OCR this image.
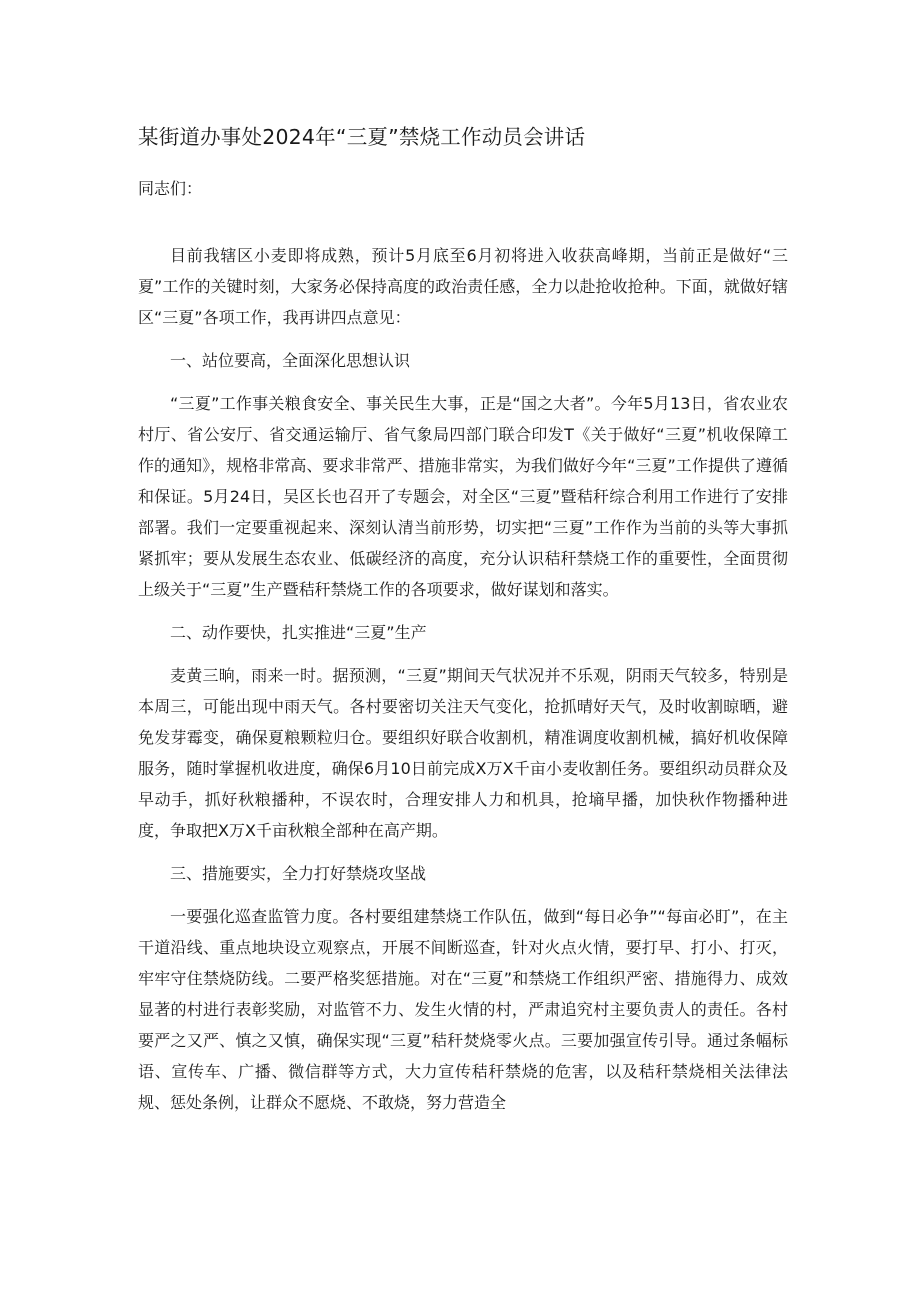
某街道办事处2024年“三夏”禁烧工作动员会讲话
同志们：

目前我辖区小麦即将成熟，预计5月底至6月初将进入收获高峰期，当前正是做好“三夏”工作的关键时刻，大家务必保持高度的政治责任感，全力以赴抢收抢种。下面，就做好辖区“三夏”各项工作，我再讲四点意见：

一、站位要高，全面深化思想认识

“三夏”工作事关粮食安全、事关民生大事，正是“国之大者”。今年5月13日，省农业农村厅、省公安厅、省交通运输厅、省气象局四部门联合印发T《关于做好“三夏”机收保障工作的通知》，规格非常高、要求非常严、措施非常实，为我们做好今年“三夏”工作提供了遵循和保证。5月24日，吴区长也召开了专题会，对全区“三夏”暨秸秆综合利用工作进行了安排部署。我们一定要重视起来、深刻认清当前形势，切实把“三夏”工作作为当前的头等大事抓紧抓牢；要从发展生态农业、低碳经济的高度，充分认识秸秆禁烧工作的重要性，全面贯彻上级关于“三夏”生产暨秸秆禁烧工作的各项要求，做好谋划和落实。

二、动作要快，扎实推进“三夏”生产

麦黄三晌，雨来一时。据预测，“三夏”期间天气状况并不乐观，阴雨天气较多，特别是本周三，可能出现中雨天气。各村要密切关注天气变化，抢抓晴好天气，及时收割晾晒，避免发芽霉变，确保夏粮颗粒归仓。要组织好联合收割机，精准调度收割机械，搞好机收保障服务，随时掌握机收进度，确保6月10日前完成X万X千亩小麦收割任务。要组织动员群众及早动手，抓好秋粮播种，不误农时，合理安排人力和机具，抢墒早播，加快秋作物播种进度，争取把X万X千亩秋粮全部种在高产期。

三、措施要实，全力打好禁烧攻坚战

一要强化巡查监管力度。各村要组建禁烧工作队伍，做到“每日必争”“每亩必盯”，在主干道沿线、重点地块设立观察点，开展不间断巡查，针对火点火情，要打早、打小、打灭，牢牢守住禁烧防线。二要严格奖惩措施。对在“三夏”和禁烧工作组织严密、措施得力、成效显著的村进行表彰奖励，对监管不力、发生火情的村，严肃追究村主要负责人的责任。各村要严之又严、慎之又慎，确保实现“三夏”秸秆焚烧零火点。三要加强宣传引导。通过条幅标语、宣传车、广播、微信群等方式，大力宣传秸秆禁烧的危害，以及秸秆禁烧相关法律法规、惩处条例，让群众不愿烧、不敢烧，努力营造全
